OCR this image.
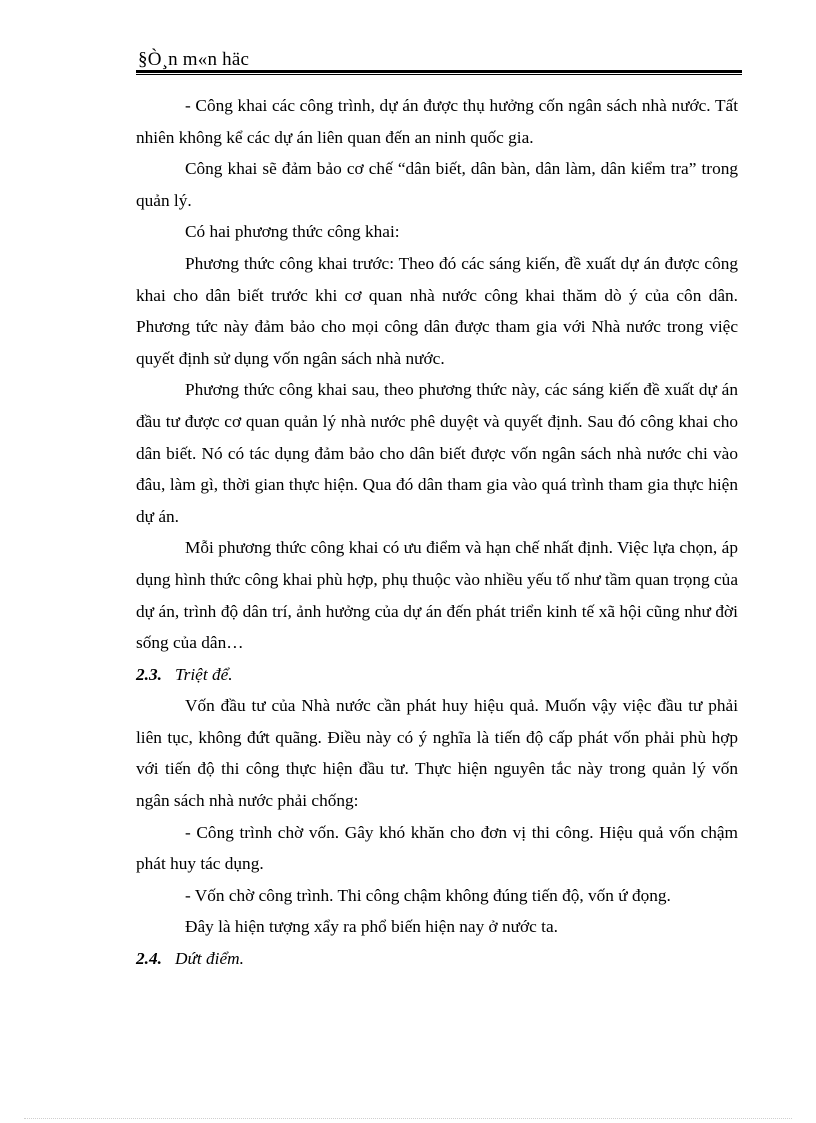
§Ò¸n m«n häc

- Công khai các công trình, dự án được thụ hưởng cốn ngân sách nhà nước. Tất nhiên không kể các dự án liên quan đến an ninh quốc gia.

Công khai sẽ đảm bảo cơ chế “dân biết, dân bàn, dân làm, dân kiểm tra” trong quản lý.

Có hai phương thức công khai:

Phương thức công khai trước: Theo đó các sáng kiến, đề xuất dự án được công khai cho dân biết trước khi cơ quan nhà nước công khai thăm dò ý của côn dân. Phương tức này đảm bảo cho mọi công dân được tham gia với Nhà nước trong việc quyết định sử dụng vốn ngân sách nhà nước.

Phương thức công khai sau, theo phương thức này, các sáng kiến đề xuất dự án đầu tư được cơ quan quản lý nhà nước phê duyệt và quyết định. Sau đó công khai cho dân biết. Nó có tác dụng đảm bảo cho dân biết được vốn ngân sách nhà nước chi vào đâu, làm gì, thời gian thực hiện. Qua đó dân tham gia vào quá trình tham gia thực hiện dự án.

Mỗi phương thức công khai có ưu điểm và hạn chế nhất định. Việc lựa chọn, áp dụng hình thức công khai phù hợp, phụ thuộc vào nhiều yếu tố như tầm quan trọng của dự án, trình độ dân trí, ảnh hưởng của dự án đến phát triển kinh tế xã hội cũng như đời sống của dân…

2.3. Triệt để.

Vốn đầu tư của Nhà nước cần phát huy hiệu quả. Muốn vậy việc đầu tư phải liên tục, không đứt quãng. Điều này có ý nghĩa là tiến độ cấp phát vốn phải phù hợp với tiến độ thi công thực hiện đầu tư. Thực hiện nguyên tắc này trong quản lý vốn ngân sách nhà nước phải chống:

- Công trình chờ vốn. Gây khó khăn cho đơn vị thi công. Hiệu quả vốn chậm phát huy tác dụng.

- Vốn chờ công trình. Thi công chậm không đúng tiến độ, vốn ứ đọng.

Đây là hiện tượng xẩy ra phổ biến hiện nay ở nước ta.

2.4. Dứt điểm.
